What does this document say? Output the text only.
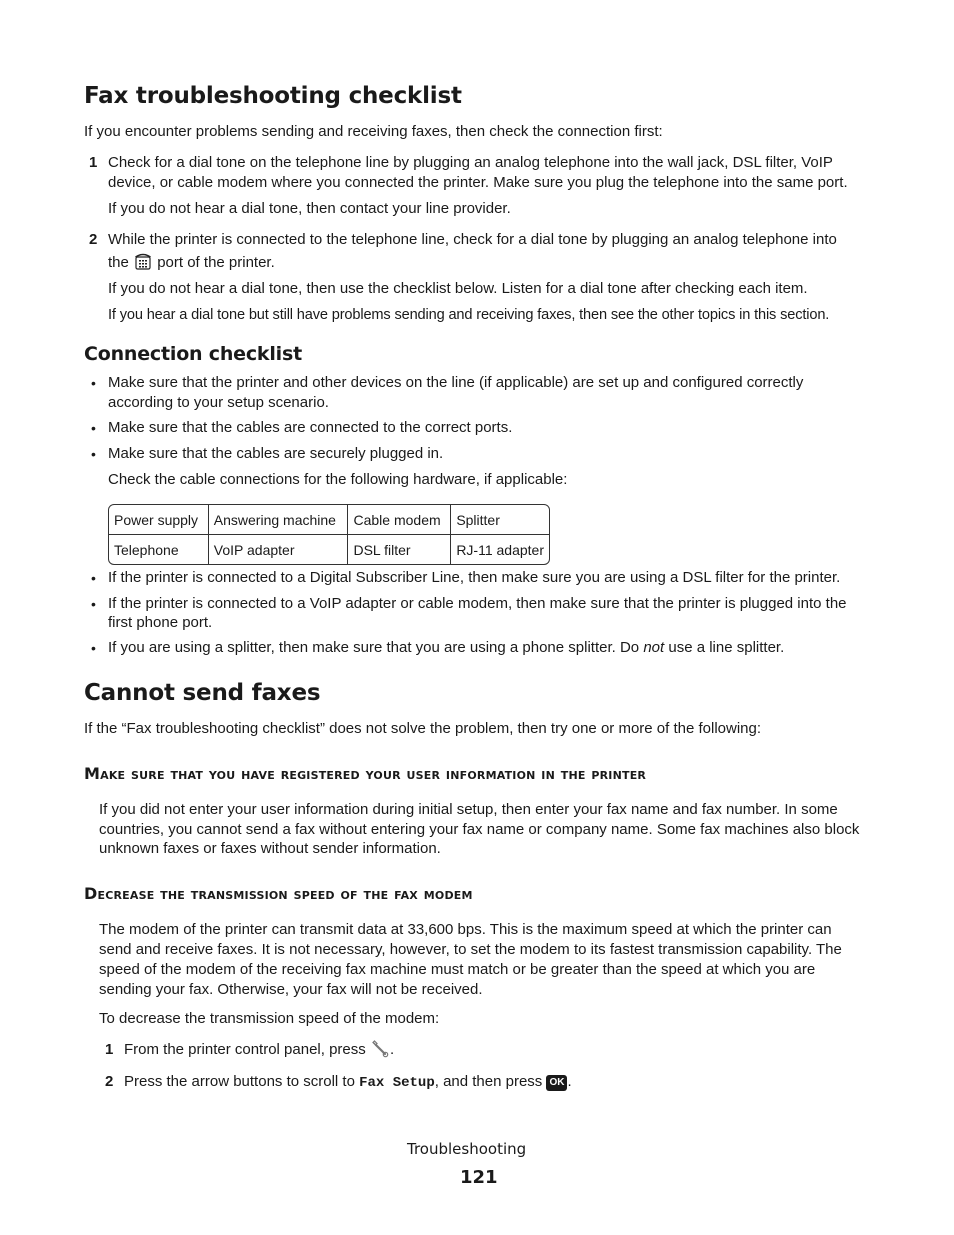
Fax troubleshooting checklist

If you encounter problems sending and receiving faxes, then check the connection first:

1 Check for a dial tone on the telephone line by plugging an analog telephone into the wall jack, DSL filter, VoIP

device, or cable modem where you connected the printer. Make sure you plug the telephone into the same port.

If you do not hear a dial tone, then contact your line provider.

2 While the printer is connected to the telephone line, check for a dial tone by plugging an analog telephone into

the port of the printer.

If you do not hear a dial tone, then use the checklist below. Listen for a dial tone after checking each item.

If you hear a dial tone but still have problems sending and receiving faxes, then see the other topics in this section.

Connection checklist
• Make sure that the printer and other devices on the line (if applicable) are set up and configured correctly

according to your setup scenario.

• Make sure that the cables are connected to the correct ports.

• Make sure that the cables are securely plugged in.

Check the cable connections for the following hardware, if applicable:

Power supply	Answering machine	Cable modem	Splitter
Telephone	VoIP adapter	DSL filter	RJ-11 adapter
• If the printer is connected to a Digital Subscriber Line, then make sure you are using a DSL filter for the printer.

• If the printer is connected to a VoIP adapter or cable modem, then make sure that the printer is plugged into the

first phone port.

• If you are using a splitter, then make sure that you are using a phone splitter. Do not use a line splitter.

Cannot send faxes

If the “Fax troubleshooting checklist” does not solve the problem, then try one or more of the following:

Make sure that you have registered your user information in the printer

If you did not enter your user information during initial setup, then enter your fax name and fax number. In some

countries, you cannot send a fax without entering your fax name or company name. Some fax machines also block

unknown faxes or faxes without sender information.

Decrease the transmission speed of the fax modem

The modem of the printer can transmit data at 33,600 bps. This is the maximum speed at which the printer can

send and receive faxes. It is not necessary, however, to set the modem to its fastest transmission capability. The

speed of the modem of the receiving fax machine must match or be greater than the speed at which you are

sending your fax. Otherwise, your fax will not be received.

To decrease the transmission speed of the modem:

1 From the printer control panel, press .

2 Press the arrow buttons to scroll to Fax Setup, and then press OK .

Troubleshooting
121
